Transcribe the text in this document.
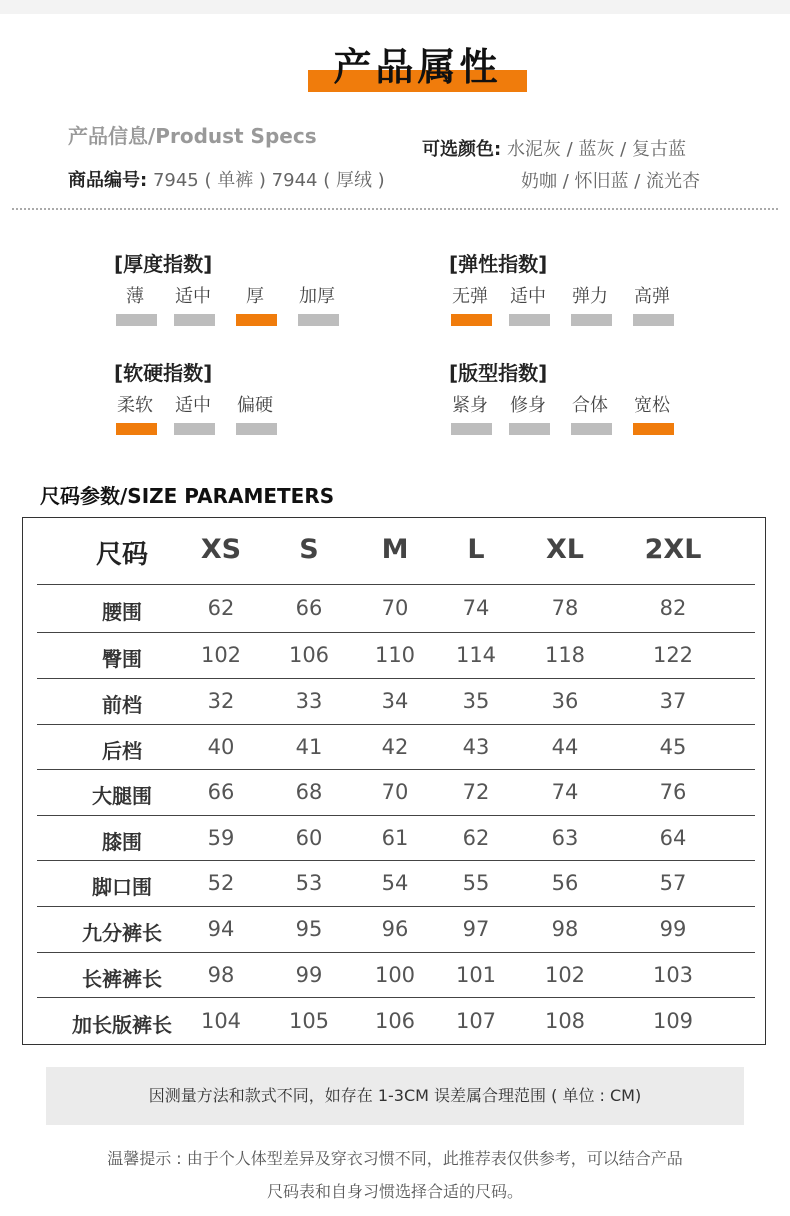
产品属性
产品信息/Produst Specs
商品编号: 7945 ( 单裤 ) 7944 ( 厚绒 )
可选颜色: 水泥灰 / 蓝灰 / 复古蓝
奶咖 / 怀旧蓝 / 流光杏
[厚度指数]
薄	适中	厚	加厚
[弹性指数]
无弹 适中 弹力 高弹
[软硬指数]
柔软 适中 偏硬
[版型指数]
紧身 修身 合体 宽松
尺码参数/SIZE PARAMETERS
尺码 XS S M L XL 2XL
腰围	62	66	70	74	78	82
臀围	102 106 110 114 118	122
前档	32	33	34	35	36	37
后档	40	41	42	43	44	45
大腿围	66	68	70	72	74	76
膝围	59	60	61	62	63	64
脚口围	52	53	54	55	56	57
九分裤长 94	95	96	97	98	99
长裤裤长 98	99	100 101 102	103
加长版裤长 104 105 106 107 108	109
因测量方法和款式不同，如存在 1-3CM 误差属合理范围 ( 单位 : CM)
温馨提示 : 由于个人体型差异及穿衣习惯不同，此推荐表仅供参考，可以结合产品
尺码表和自身习惯选择合适的尺码。
